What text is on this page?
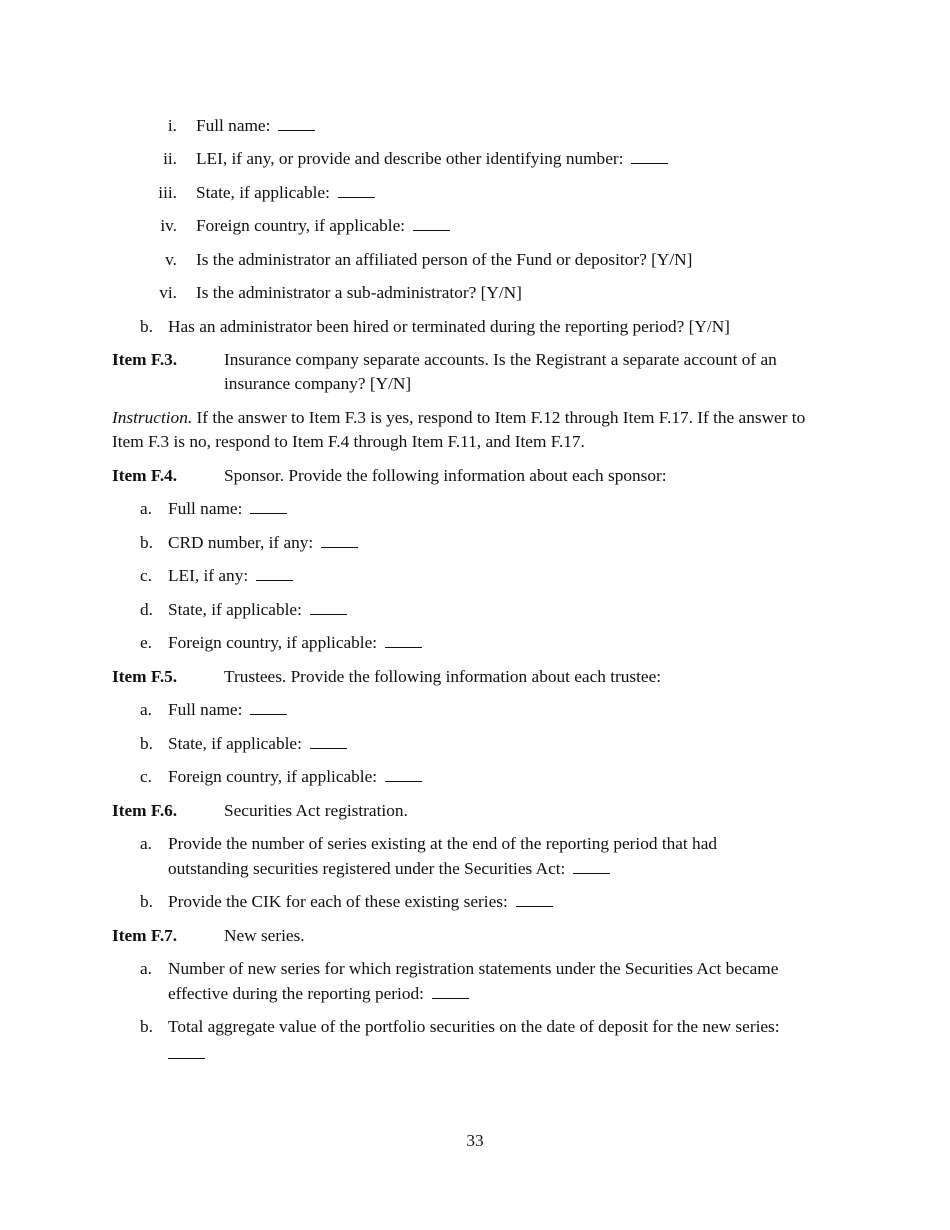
i. Full name:
ii. LEI, if any, or provide and describe other identifying number:
iii. State, if applicable:
iv. Foreign country, if applicable:
v. Is the administrator an affiliated person of the Fund or depositor? [Y/N]
vi. Is the administrator a sub-administrator? [Y/N]
b. Has an administrator been hired or terminated during the reporting period? [Y/N]
Item F.3.	Insurance company separate accounts. Is the Registrant a separate account of an insurance company? [Y/N]
Instruction. If the answer to Item F.3 is yes, respond to Item F.12 through Item F.17. If the answer to Item F.3 is no, respond to Item F.4 through Item F.11, and Item F.17.
Item F.4.	Sponsor. Provide the following information about each sponsor:
a. Full name:
b. CRD number, if any:
c. LEI, if any:
d. State, if applicable:
e. Foreign country, if applicable:
Item F.5.	Trustees. Provide the following information about each trustee:
a. Full name:
b. State, if applicable:
c. Foreign country, if applicable:
Item F.6.	Securities Act registration.
a. Provide the number of series existing at the end of the reporting period that had
outstanding securities registered under the Securities Act:
b. Provide the CIK for each of these existing series:
Item F.7.	New series.
a. Number of new series for which registration statements under the Securities Act became
effective during the reporting period:
b. Total aggregate value of the portfolio securities on the date of deposit for the new series:
33
